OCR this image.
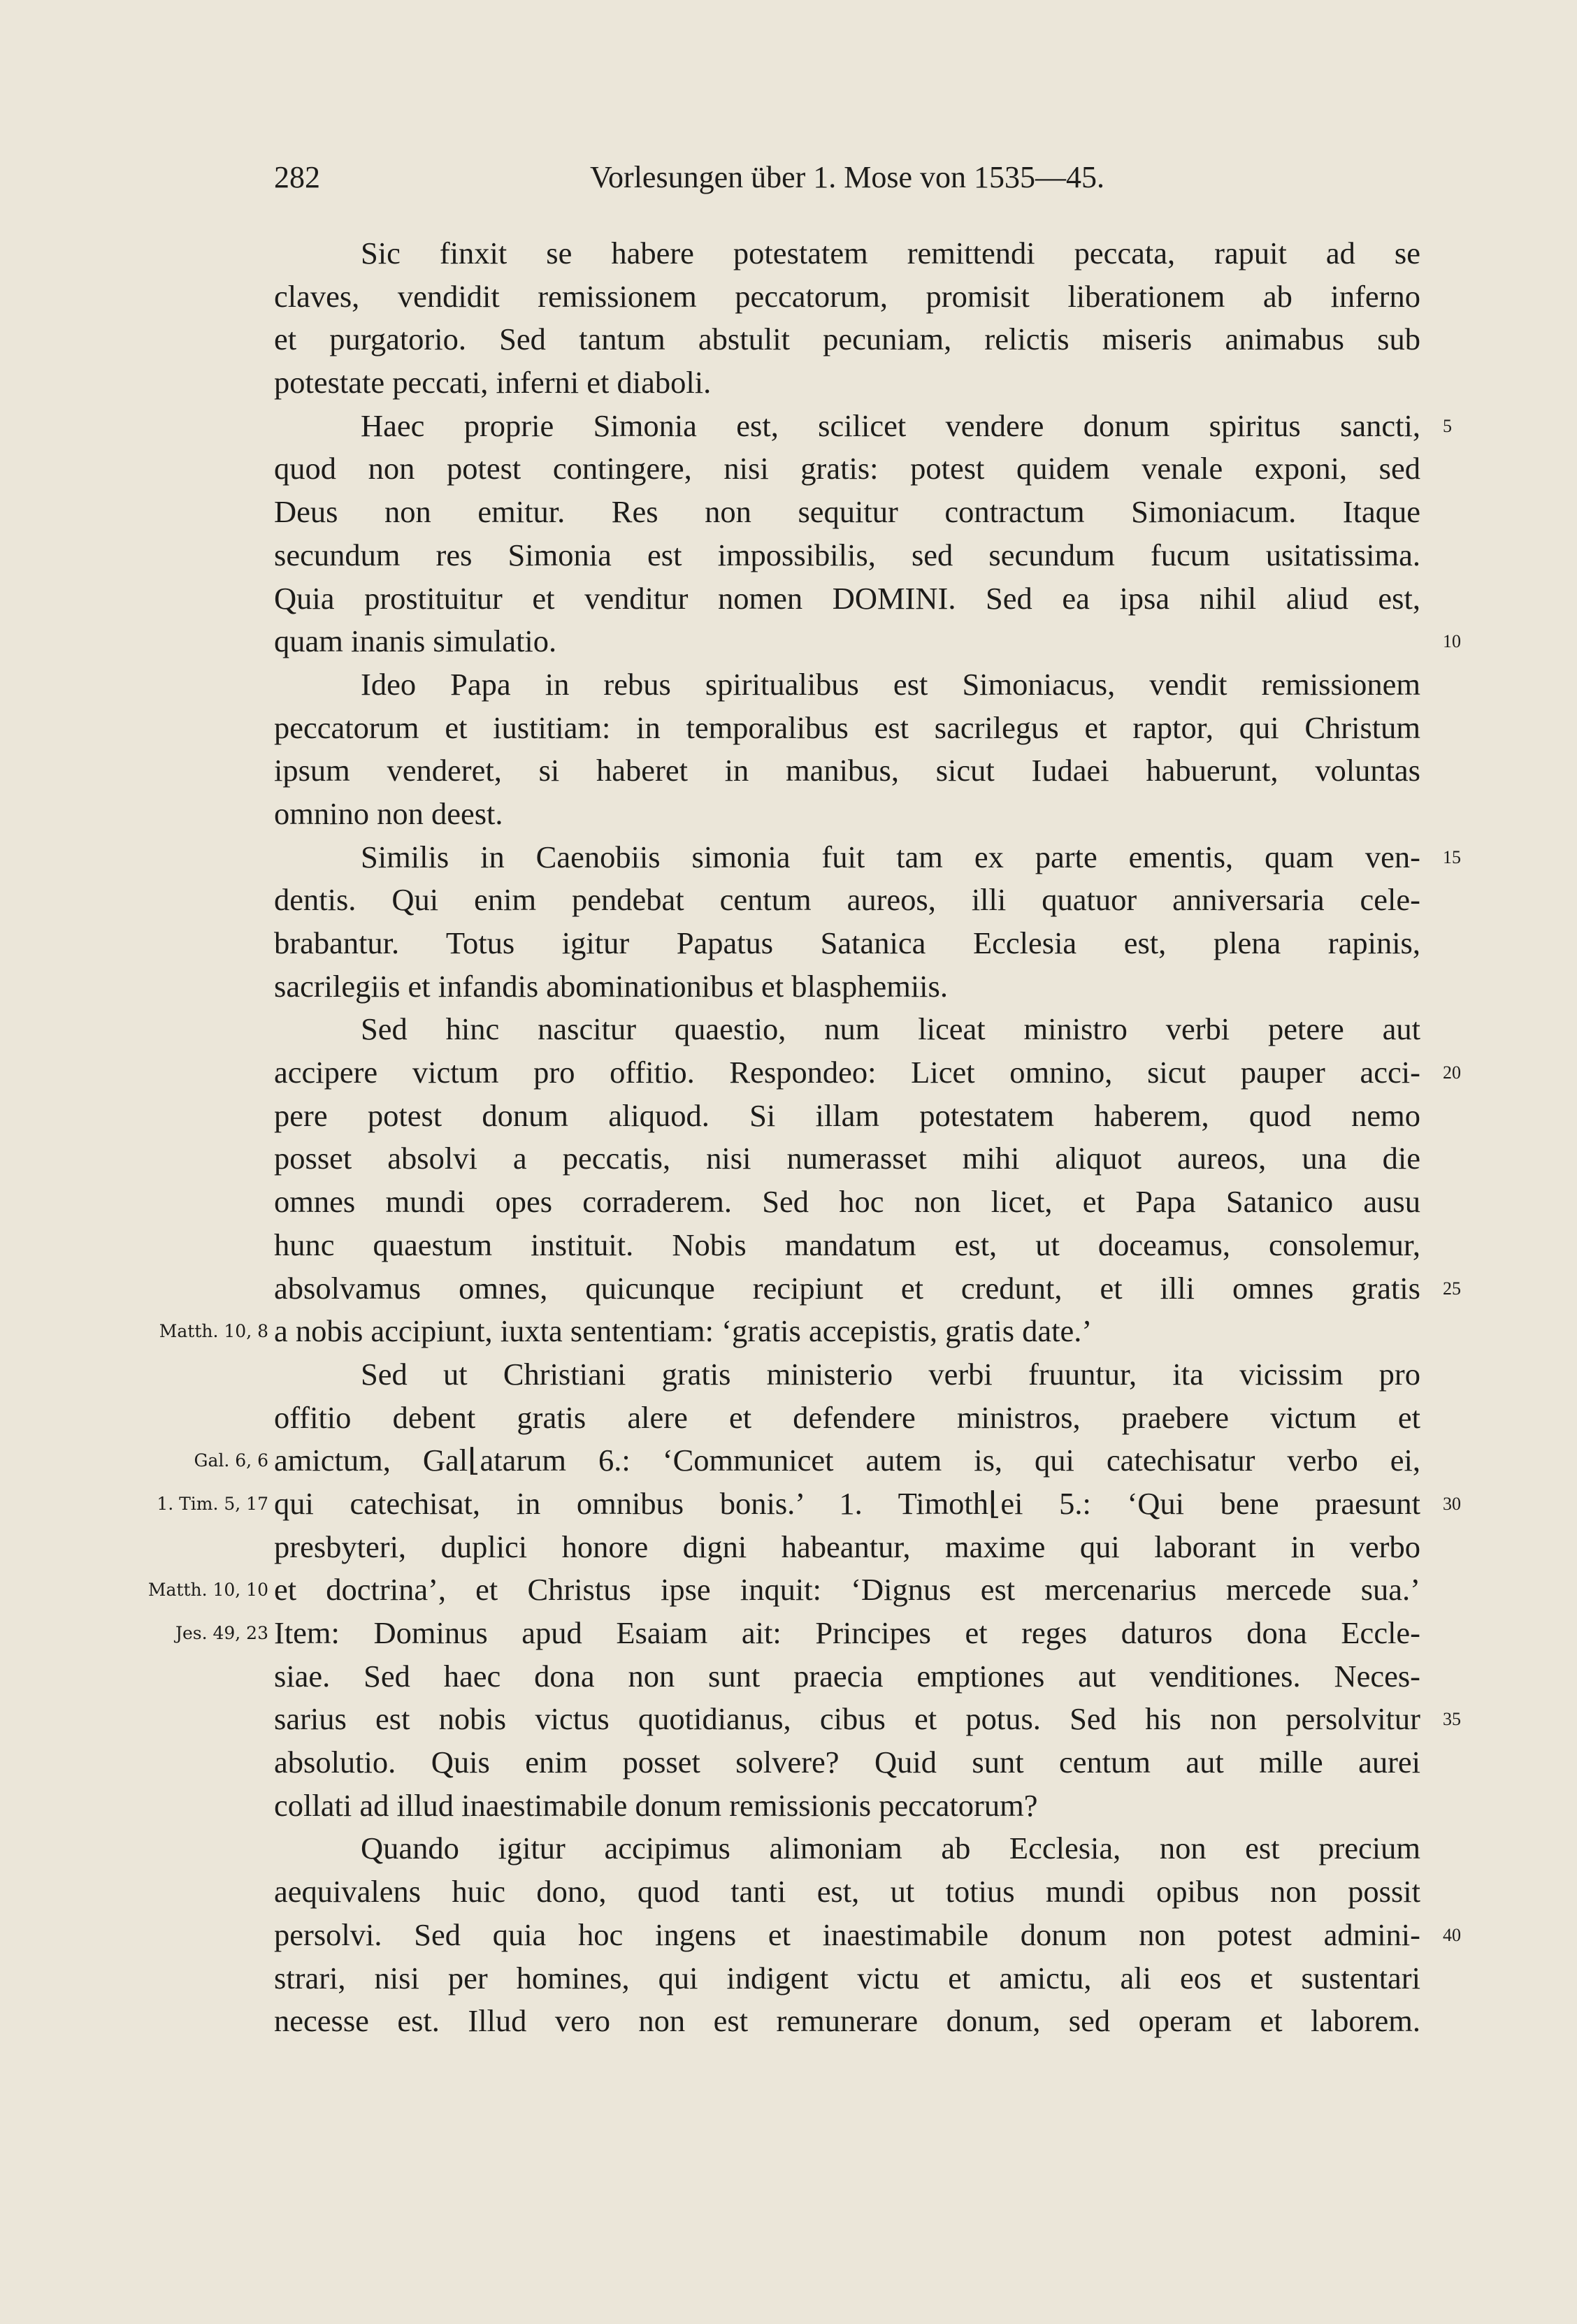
282	Vorlesungen über 1. Mose von 1535—45.
Sic finxit se habere potestatem remittendi peccata, rapuit ad se
claves, vendidit remissionem peccatorum, promisit liberationem ab inferno
et purgatorio. Sed tantum abstulit pecuniam, relictis miseris animabus sub
potestate peccati, inferni et diaboli.
Haec proprie Simonia est, scilicet vendere donum spiritus sancti, 5
quod non potest contingere, nisi gratis: potest quidem venale exponi, sed
Deus non emitur. Res non sequitur contractum Simoniacum. Itaque
secundum res Simonia est impossibilis, sed secundum fucum usitatissima.
Quia prostituitur et venditur nomen DOMINI. Sed ea ipsa nihil aliud est,
quam inanis simulatio.	10
Ideo Papa in rebus spiritualibus est Simoniacus, vendit remissionem
peccatorum et iustitiam: in temporalibus est sacrilegus et raptor, qui Christum
ipsum venderet, si haberet in manibus, sicut Iudaei habuerunt, voluntas
omnino non deest.
Similis in Caenobiis simonia fuit tam ex parte ementis, quam ven- 15
dentis. Qui enim pendebat centum aureos, illi quatuor anniversaria cele-
brabantur. Totus igitur Papatus Satanica Ecclesia est, plena rapinis,
sacrilegiis et infandis abominationibus et blasphemiis.
Sed hinc nascitur quaestio, num liceat ministro verbi petere aut
accipere victum pro offitio. Respondeo: Licet omnino, sicut pauper acci- 20
pere potest donum aliquod. Si illam potestatem haberem, quod nemo
posset absolvi a peccatis, nisi numerasset mihi aliquot aureos, una die
omnes mundi opes corraderem. Sed hoc non licet, et Papa Satanico ausu
hunc quaestum instituit. Nobis mandatum est, ut doceamus, consolemur,
absolvamus omnes, quicunque recipiunt et credunt, et illi omnes gratis 25
Matth. 10, 8 a nobis accipiunt, iuxta sententiam: ‘gratis accepistis, gratis date.’
Sed ut Christiani gratis ministerio verbi fruuntur, ita vicissim pro
offitio debent gratis alere et defendere ministros, praebere victum et
Gal. 6, 6 amictum, Gal⌊atarum 6.: ‘Communicet autem is, qui catechisatur verbo ei,
1. Tim. 5, 17 qui catechisat, in omnibus bonis.’ 1. Timoth⌊ei 5.: ‘Qui bene praesunt 30
presbyteri, duplici honore digni habeantur, maxime qui laborant in verbo
Matth. 10, 10 et doctrina’, et Christus ipse inquit: ‘Dignus est mercenarius mercede sua.’
Jes. 49, 23 Item: Dominus apud Esaiam ait: Principes et reges daturos dona Eccle-
siae. Sed haec dona non sunt praecia emptiones aut venditiones. Neces-
sarius est nobis victus quotidianus, cibus et potus. Sed his non persolvitur 35
absolutio. Quis enim posset solvere? Quid sunt centum aut mille aurei
collati ad illud inaestimabile donum remissionis peccatorum?
Quando igitur accipimus alimoniam ab Ecclesia, non est precium
aequivalens huic dono, quod tanti est, ut totius mundi opibus non possit
persolvi. Sed quia hoc ingens et inaestimabile donum non potest admini- 40
strari, nisi per homines, qui indigent victu et amictu, ali eos et sustentari
necesse est. Illud vero non est remunerare donum, sed operam et laborem.
